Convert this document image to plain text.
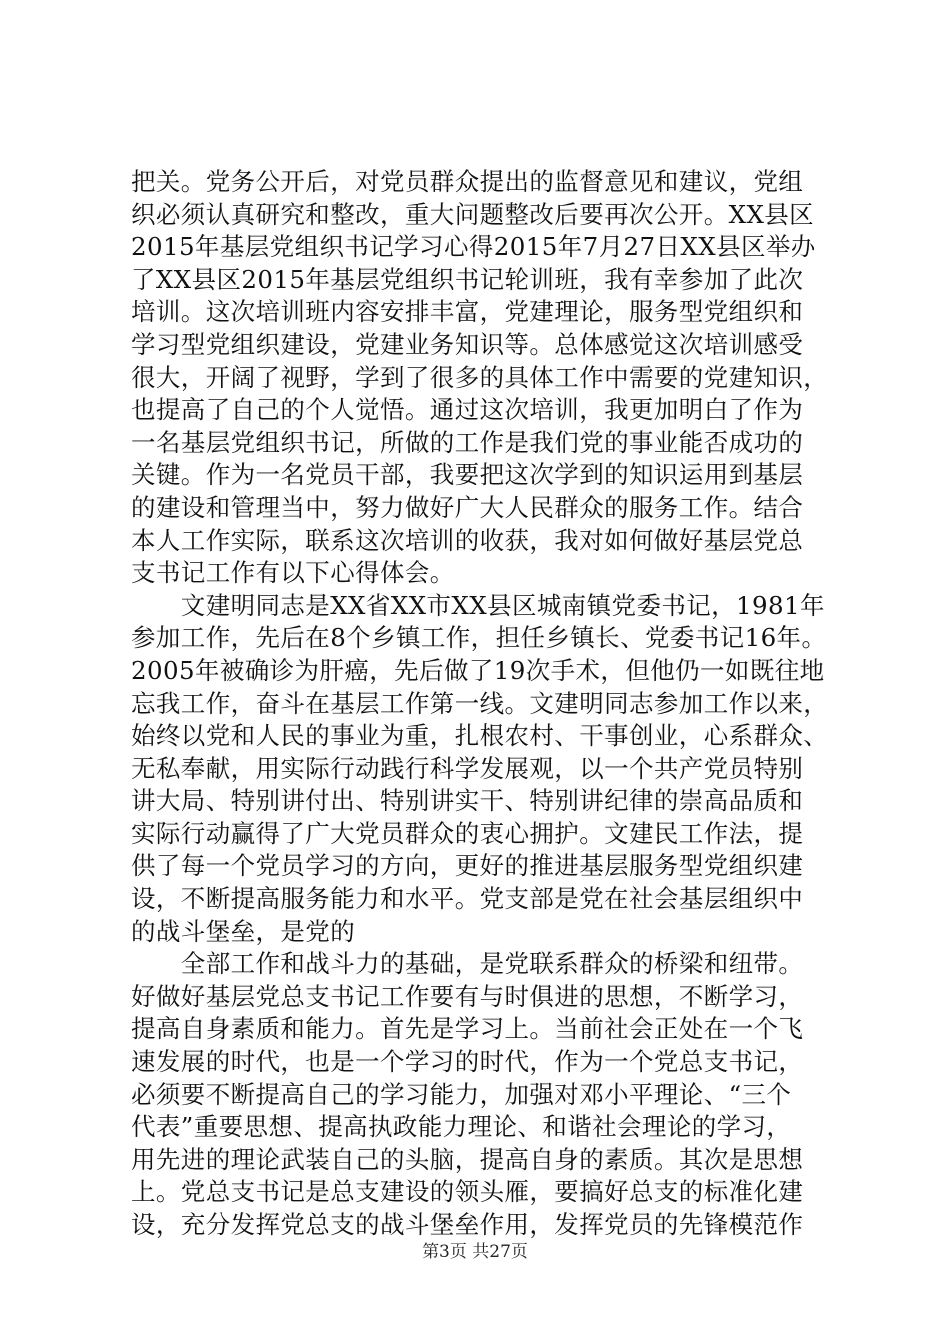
把关。党务公开后，对党员群众提出的监督意见和建议，党组
织必须认真研究和整改，重大问题整改后要再次公开。XX县区
2015年基层党组织书记学习心得2015年7月27日XX县区举办
了XX县区2015年基层党组织书记轮训班，我有幸参加了此次
培训。这次培训班内容安排丰富，党建理论，服务型党组织和
学习型党组织建设，党建业务知识等。总体感觉这次培训感受
很大，开阔了视野，学到了很多的具体工作中需要的党建知识，
也提高了自己的个人觉悟。通过这次培训，我更加明白了作为
一名基层党组织书记，所做的工作是我们党的事业能否成功的
关键。作为一名党员干部，我要把这次学到的知识运用到基层
的建设和管理当中，努力做好广大人民群众的服务工作。结合
本人工作实际，联系这次培训的收获，我对如何做好基层党总
支书记工作有以下心得体会。
　　文建明同志是XX省XX市XX县区城南镇党委书记，1981年
参加工作，先后在8个乡镇工作，担任乡镇长、党委书记16年。
2005年被确诊为肝癌，先后做了19次手术，但他仍一如既往地
忘我工作，奋斗在基层工作第一线。文建明同志参加工作以来，
始终以党和人民的事业为重，扎根农村、干事创业，心系群众、
无私奉献，用实际行动践行科学发展观，以一个共产党员特别
讲大局、特别讲付出、特别讲实干、特别讲纪律的崇高品质和
实际行动赢得了广大党员群众的衷心拥护。文建民工作法，提
供了每一个党员学习的方向，更好的推进基层服务型党组织建
设，不断提高服务能力和水平。党支部是党在社会基层组织中
的战斗堡垒，是党的
　　全部工作和战斗力的基础，是党联系群众的桥梁和纽带。
好做好基层党总支书记工作要有与时俱进的思想，不断学习，
提高自身素质和能力。首先是学习上。当前社会正处在一个飞
速发展的时代，也是一个学习的时代，作为一个党总支书记，
必须要不断提高自己的学习能力，加强对邓小平理论、“三个
代表”重要思想、提高执政能力理论、和谐社会理论的学习，
用先进的理论武装自己的头脑，提高自身的素质。其次是思想
上。党总支书记是总支建设的领头雁，要搞好总支的标准化建
设，充分发挥党总支的战斗堡垒作用，发挥党员的先锋模范作
第3页 共27页
